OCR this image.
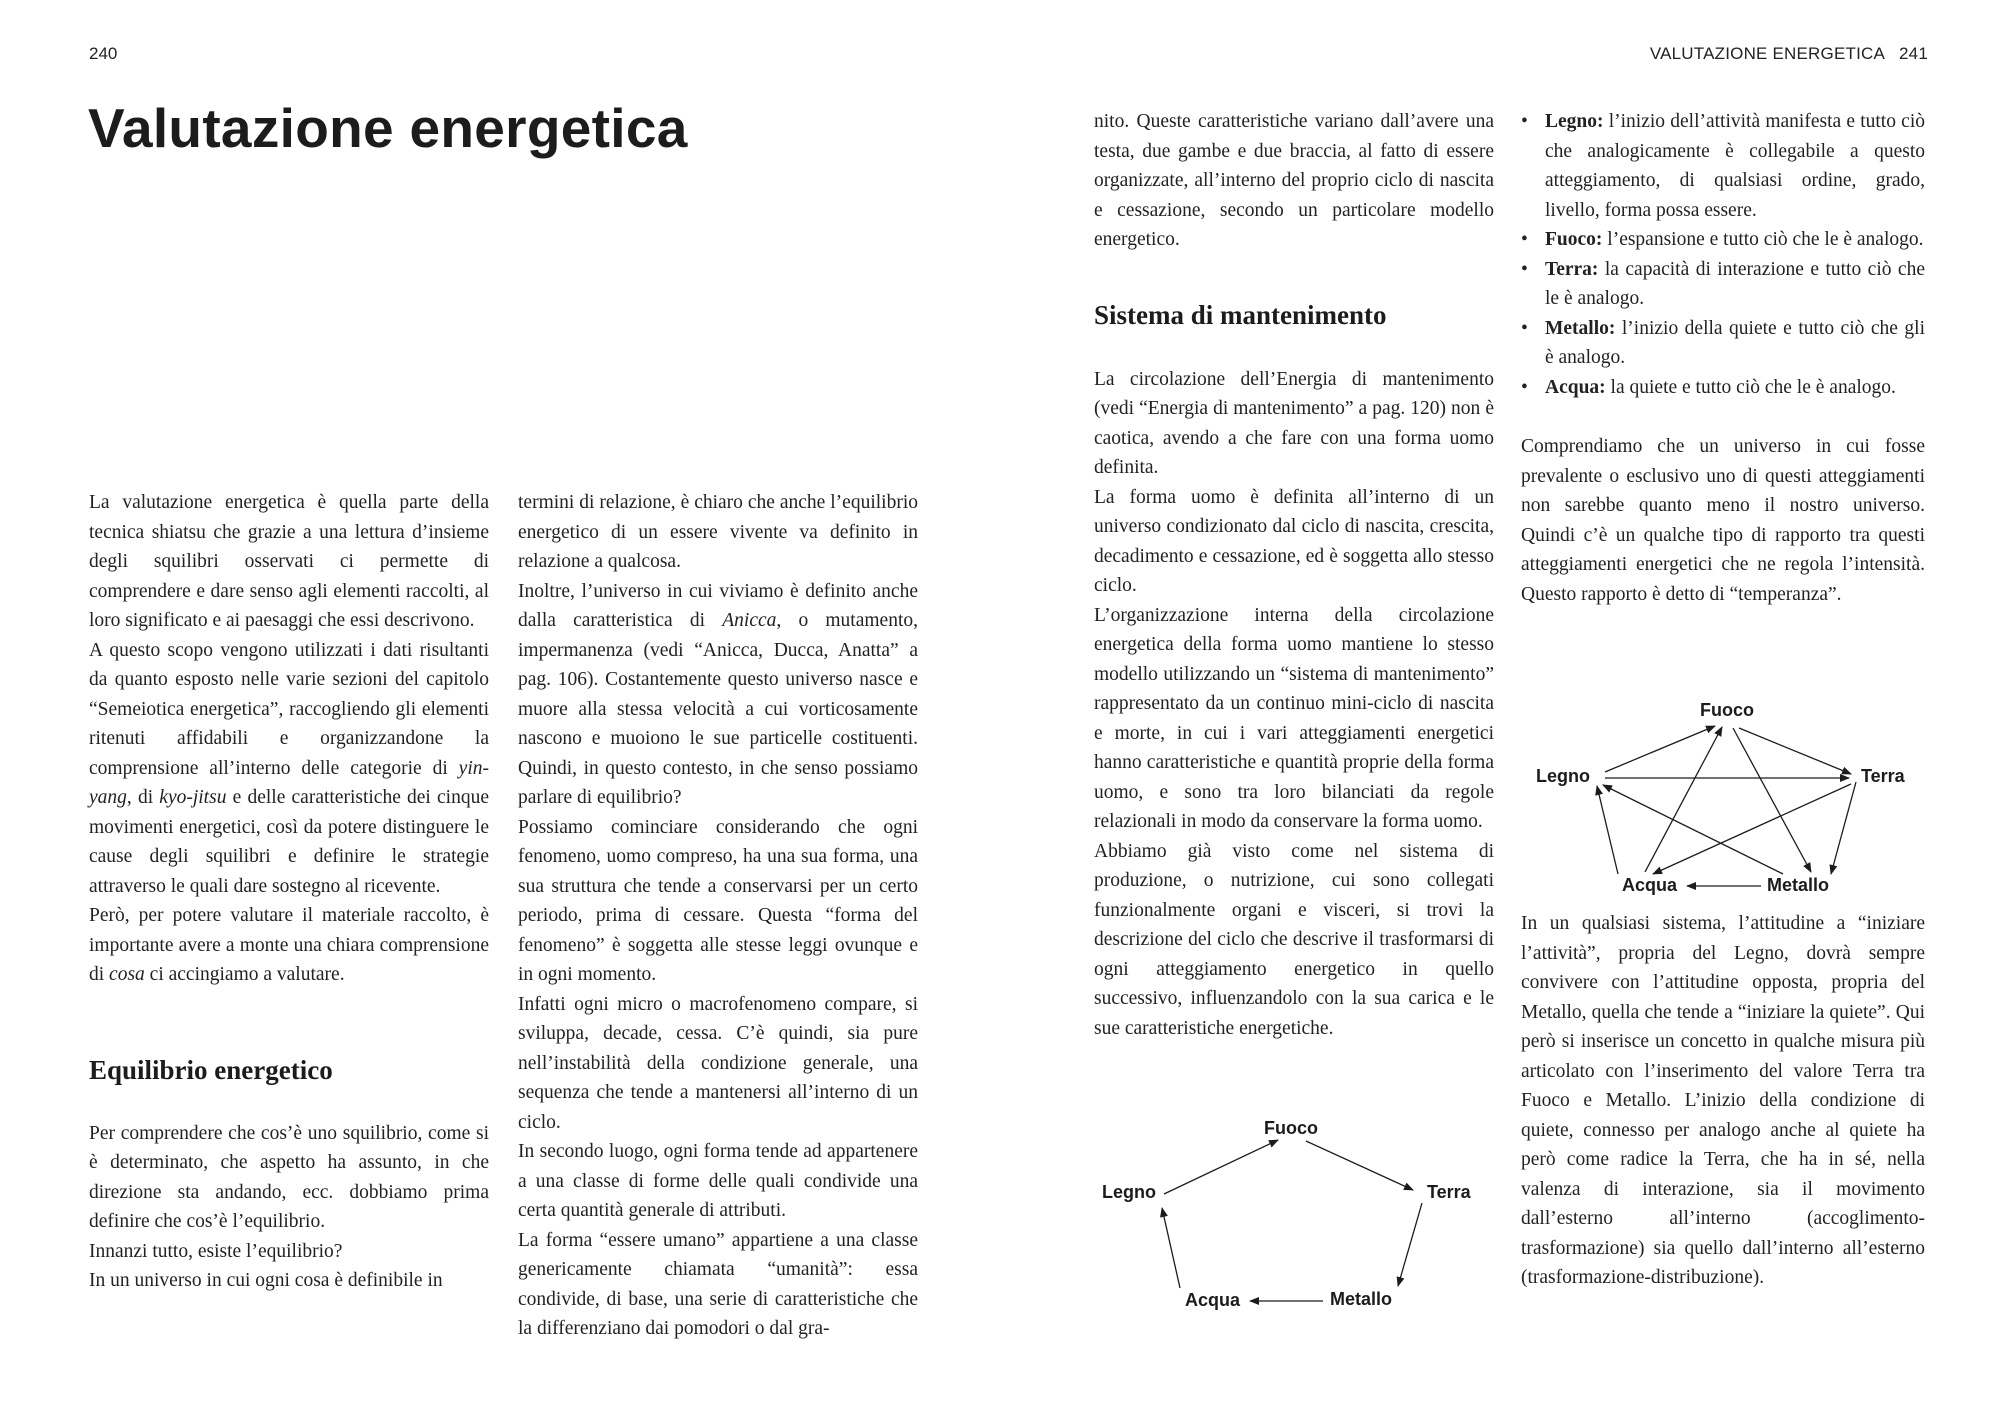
240	VALUTAZIONE ENERGETICA 241
Valutazione energetica

La valutazione energetica è quella parte della tecnica shiatsu che grazie a una lettura d’insieme degli squilibri osservati ci permette di comprendere e dare senso agli elementi raccolti, al loro significato e ai paesaggi che essi descrivono.

A questo scopo vengono utilizzati i dati risultanti da quanto esposto nelle varie sezioni del capitolo “Semeiotica energetica”, raccogliendo gli elementi ritenuti affidabili e organizzandone la comprensione all’interno delle categorie di yin-yang, di kyo-jitsu e delle caratteristiche dei cinque movimenti energetici, così da potere distinguere le cause degli squilibri e definire le strategie attraverso le quali dare sostegno al ricevente.

Però, per potere valutare il materiale raccolto, è importante avere a monte una chiara comprensione di cosa ci accingiamo a valutare.

Equilibrio energetico

Per comprendere che cos’è uno squilibrio, come si è determinato, che aspetto ha assunto, in che direzione sta andando, ecc. dobbiamo prima definire che cos’è l’equilibrio.

Innanzi tutto, esiste l’equilibrio?

In un universo in cui ogni cosa è definibile in

termini di relazione, è chiaro che anche l’equilibrio energetico di un essere vivente va definito in relazione a qualcosa.

Inoltre, l’universo in cui viviamo è definito anche dalla caratteristica di Anicca, o mutamento, impermanenza (vedi “Anicca, Ducca, Anatta” a pag. 106). Costantemente questo universo nasce e muore alla stessa velocità a cui vorticosamente nascono e muoiono le sue particelle costituenti. Quindi, in questo contesto, in che senso possiamo parlare di equilibrio?

Possiamo cominciare considerando che ogni fenomeno, uomo compreso, ha una sua forma, una sua struttura che tende a conservarsi per un certo periodo, prima di cessare. Questa “forma del fenomeno” è soggetta alle stesse leggi ovunque e in ogni momento.

Infatti ogni micro o macrofenomeno compare, si sviluppa, decade, cessa. C’è quindi, sia pure nell’instabilità della condizione generale, una sequenza che tende a mantenersi all’interno di un ciclo.

In secondo luogo, ogni forma tende ad appartenere a una classe di forme delle quali condivide una certa quantità generale di attributi.

La forma “essere umano” appartiene a una classe genericamente chiamata “umanità”: essa condivide, di base, una serie di caratteristiche che la differenziano dai pomodori o dal gra-

nito. Queste caratteristiche variano dall’avere una testa, due gambe e due braccia, al fatto di essere organizzate, all’interno del proprio ciclo di nascita e cessazione, secondo un particolare modello energetico.

Sistema di mantenimento

La circolazione dell’Energia di mantenimento (vedi “Energia di mantenimento” a pag. 120) non è caotica, avendo a che fare con una forma uomo definita.

La forma uomo è definita all’interno di un universo condizionato dal ciclo di nascita, crescita, decadimento e cessazione, ed è soggetta allo stesso ciclo.

L’organizzazione interna della circolazione energetica della forma uomo mantiene lo stesso modello utilizzando un “sistema di mantenimento” rappresentato da un continuo mini-ciclo di nascita e morte, in cui i vari atteggiamenti energetici hanno caratteristiche e quantità proprie della forma uomo, e sono tra loro bilanciati da regole relazionali in modo da conservare la forma uomo.

Abbiamo già visto come nel sistema di produzione, o nutrizione, cui sono collegati funzionalmente organi e visceri, si trovi la descrizione del ciclo che descrive il trasformarsi di ogni atteggiamento energetico in quello successivo, influenzandolo con la sua carica e le sue caratteristiche energetiche.

• Legno: l’inizio dell’attività manifesta e tutto ciò che analogicamente è collegabile a questo atteggiamento, di qualsiasi ordine, grado, livello, forma possa essere.
• Fuoco: l’espansione e tutto ciò che le è analogo.
• Terra: la capacità di interazione e tutto ciò che le è analogo.
• Metallo: l’inizio della quiete e tutto ciò che gli è analogo.
• Acqua: la quiete e tutto ciò che le è analogo.

Comprendiamo che un universo in cui fosse prevalente o esclusivo uno di questi atteggiamenti non sarebbe quanto meno il nostro universo. Quindi c’è un qualche tipo di rapporto tra questi atteggiamenti energetici che ne regola l’intensità. Questo rapporto è detto di “temperanza”.

In un qualsiasi sistema, l’attitudine a “iniziare l’attività”, propria del Legno, dovrà sempre convivere con l’attitudine opposta, propria del Metallo, quella che tende a “iniziare la quiete”. Qui però si inserisce un concetto in qualche misura più articolato con l’inserimento del valore Terra tra Fuoco e Metallo. L’inizio della condizione di quiete, connesso per analogo anche al quiete ha però come radice la Terra, che ha in sé, nella valenza di interazione, sia il movimento dall’esterno all’interno (accoglimento-trasformazione) sia quello dall’interno all’esterno (trasformazione-distribuzione).

Fuoco
Legno	Terra
Acqua	Metallo
Fuoco
Legno	Terra
Acqua	Metallo
